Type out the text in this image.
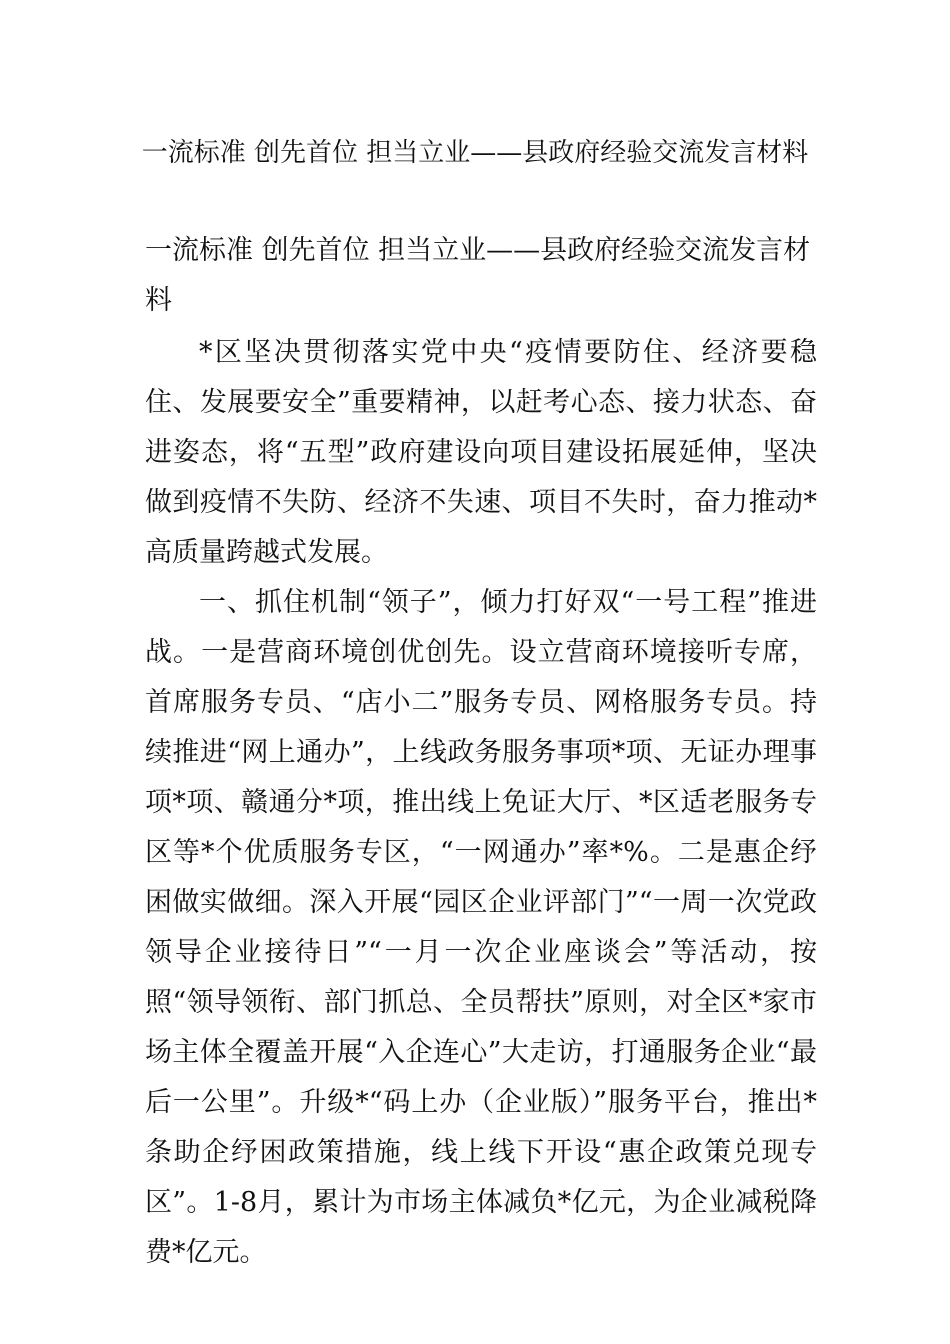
一流标准 创先首位 担当立业——县政府经验交流发言材料
一流标准 创先首位 担当立业——县政府经验交流发言材料

*区坚决贯彻落实党中央“疫情要防住、经济要稳住、发展要安全”重要精神，以赶考心态、接力状态、奋进姿态，将“五型”政府建设向项目建设拓展延伸，坚决做到疫情不失防、经济不失速、项目不失时，奋力推动*高质量跨越式发展。

一、抓住机制“领子”，倾力打好双“一号工程”推进战。一是营商环境创优创先。设立营商环境接听专席，首席服务专员、“店小二”服务专员、网格服务专员。持续推进“网上通办”，上线政务服务事项*项、无证办理事项*项、赣通分*项，推出线上免证大厅、*区适老服务专区等*个优质服务专区，“一网通办”率*%。二是惠企纾困做实做细。深入开展“园区企业评部门”“一周一次党政领导企业接待日”“一月一次企业座谈会”等活动，按照“领导领衔、部门抓总、全员帮扶”原则，对全区*家市场主体全覆盖开展“入企连心”大走访，打通服务企业“最后一公里”。升级*“码上办（企业版）”服务平台，推出*条助企纾困政策措施，线上线下开设“惠企政策兑现专区”。1-8月，累计为市场主体减负*亿元，为企业减税降费*亿元。
